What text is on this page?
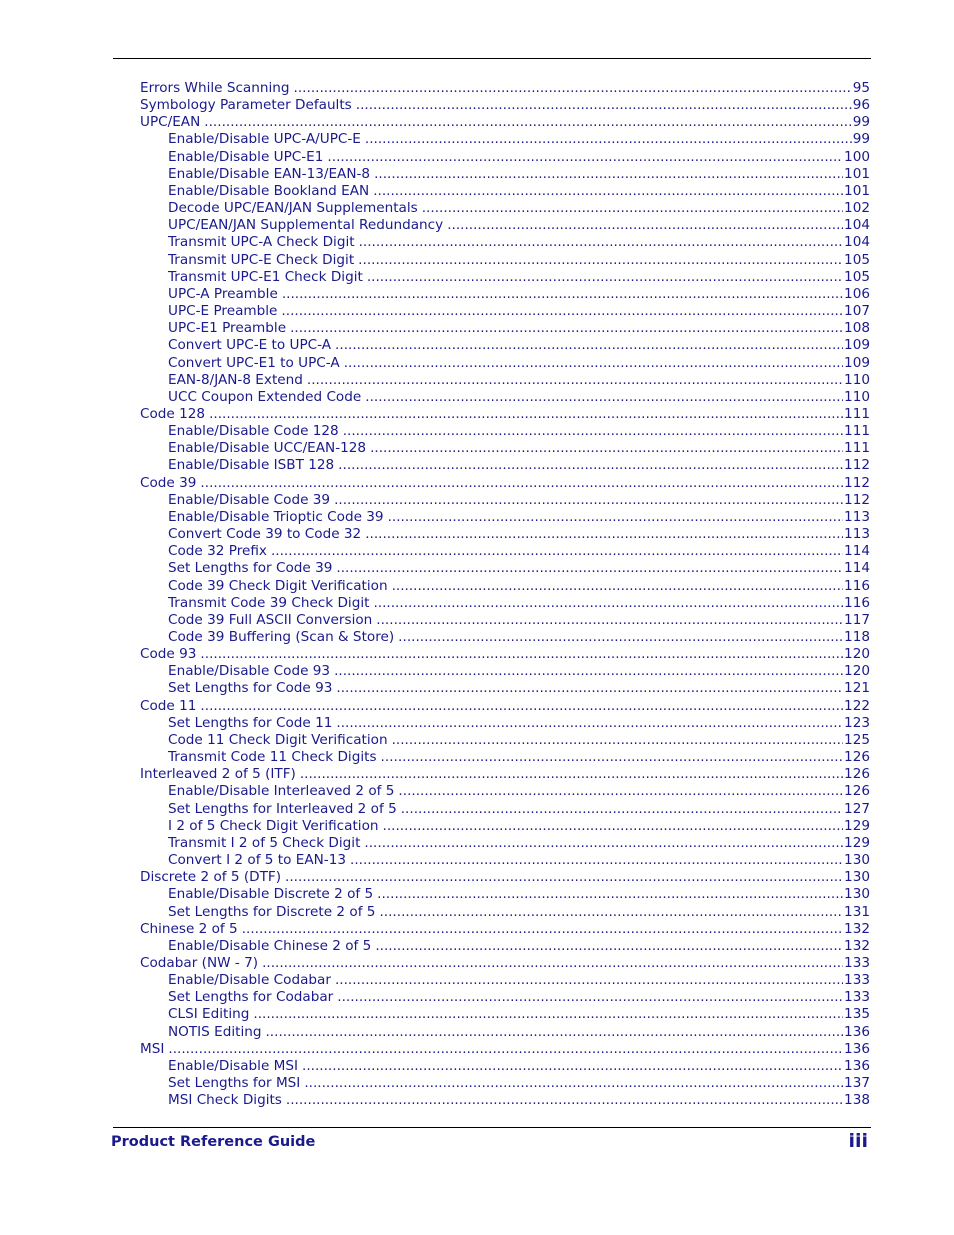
Errors While Scanning .....	95
Symbology Parameter Defaults .....	96
UPC/EAN .....	99
Enable/Disable UPC-A/UPC-E .....	99
Enable/Disable UPC-E1 .....	100
Enable/Disable EAN-13/EAN-8 .....	101
Enable/Disable Bookland EAN .....	101
Decode UPC/EAN/JAN Supplementals .....	102
UPC/EAN/JAN Supplemental Redundancy .....	104
Transmit UPC-A Check Digit .....	104
Transmit UPC-E Check Digit .....	105
Transmit UPC-E1 Check Digit .....	105
UPC-A Preamble .....	106
UPC-E Preamble .....	107
UPC-E1 Preamble .....	108
Convert UPC-E to UPC-A .....	109
Convert UPC-E1 to UPC-A .....	109
EAN-8/JAN-8 Extend .....	110
UCC Coupon Extended Code .....	110
Code 128 .....	111
Enable/Disable Code 128 .....	111
Enable/Disable UCC/EAN-128 .....	111
Enable/Disable ISBT 128 .....	112
Code 39 .....	112
Enable/Disable Code 39 .....	112
Enable/Disable Trioptic Code 39 .....	113
Convert Code 39 to Code 32 .....	113
Code 32 Prefix .....	114
Set Lengths for Code 39 .....	114
Code 39 Check Digit Verification .....	116
Transmit Code 39 Check Digit .....	116
Code 39 Full ASCII Conversion .....	117
Code 39 Buffering (Scan & Store) .....	118
Code 93 .....	120
Enable/Disable Code 93 .....	120
Set Lengths for Code 93 .....	121
Code 11 .....	122
Set Lengths for Code 11 .....	123
Code 11 Check Digit Verification .....	125
Transmit Code 11 Check Digits .....	126
Interleaved 2 of 5 (ITF) .....	126
Enable/Disable Interleaved 2 of 5 .....	126
Set Lengths for Interleaved 2 of 5 .....	127
I 2 of 5 Check Digit Verification .....	129
Transmit I 2 of 5 Check Digit .....	129
Convert I 2 of 5 to EAN-13 .....	130
Discrete 2 of 5 (DTF) .....	130
Enable/Disable Discrete 2 of 5 .....	130
Set Lengths for Discrete 2 of 5 .....	131
Chinese 2 of 5 .....	132
Enable/Disable Chinese 2 of 5 .....	132
Codabar (NW - 7) .....	133
Enable/Disable Codabar .....	133
Set Lengths for Codabar .....	133
CLSI Editing .....	135
NOTIS Editing .....	136
MSI .....	136
Enable/Disable MSI .....	136
Set Lengths for MSI .....	137
MSI Check Digits .....	138
Product Reference Guide	iii
